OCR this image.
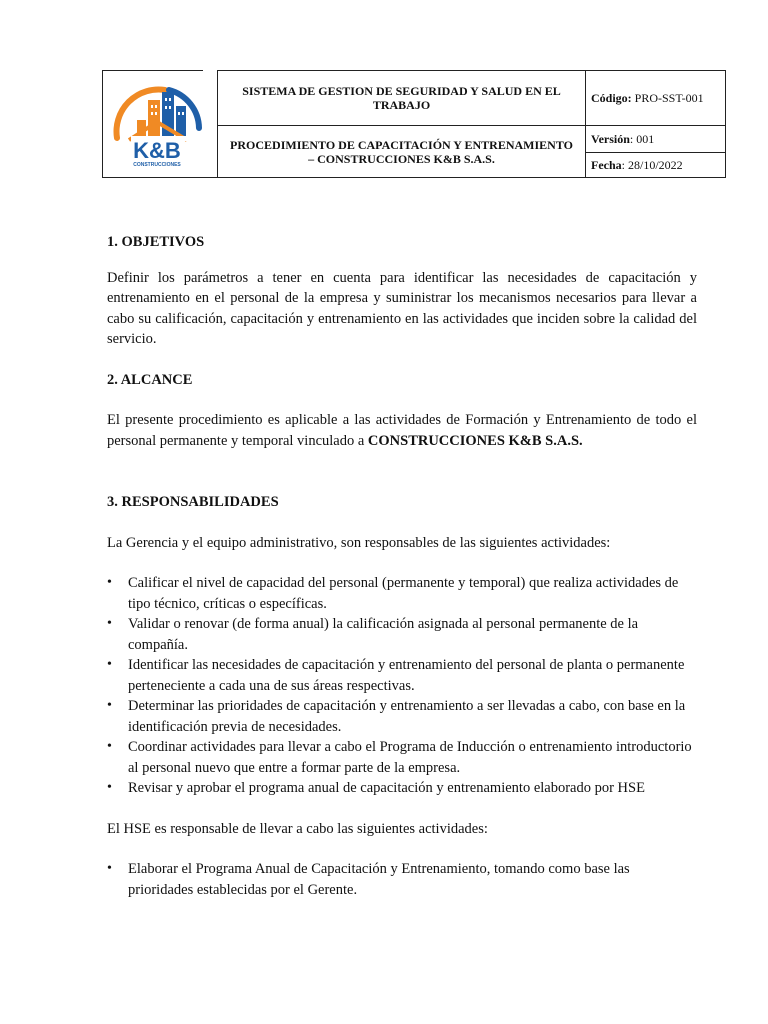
K&B
CONSTRUCCIONES
SISTEMA DE GESTION DE SEGURIDAD Y SALUD EN EL TRABAJO
PROCEDIMIENTO DE CAPACITACIÓN Y ENTRENAMIENTO – CONSTRUCCIONES K&B S.A.S.
Código: PRO-SST-001
Versión : 001
Fecha : 28/10/2022

1. OBJETIVOS

Definir los parámetros a tener en cuenta para identificar las necesidades de capacitación y entrenamiento en el personal de la empresa y suministrar los mecanismos necesarios para llevar a cabo su calificación, capacitación y entrenamiento en las actividades que inciden sobre la calidad del servicio.

2. ALCANCE

El presente procedimiento es aplicable a las actividades de Formación y Entrenamiento de todo el personal permanente y temporal vinculado a CONSTRUCCIONES K&B S.A.S.

3. RESPONSABILIDADES

La Gerencia y el equipo administrativo, son responsables de las siguientes actividades:

• Calificar el nivel de capacidad del personal (permanente y temporal) que realiza actividades de tipo técnico, críticas o específicas.
• Validar o renovar (de forma anual) la calificación asignada al personal permanente de la compañía.
• Identificar las necesidades de capacitación y entrenamiento del personal de planta o permanente perteneciente a cada una de sus áreas respectivas.
• Determinar las prioridades de capacitación y entrenamiento a ser llevadas a cabo, con base en la identificación previa de necesidades.
• Coordinar actividades para llevar a cabo el Programa de Inducción o entrenamiento introductorio al personal nuevo que entre a formar parte de la empresa.
• Revisar y aprobar el programa anual de capacitación y entrenamiento elaborado por HSE

El HSE es responsable de llevar a cabo las siguientes actividades:

• Elaborar el Programa Anual de Capacitación y Entrenamiento, tomando como base las prioridades establecidas por el Gerente.
